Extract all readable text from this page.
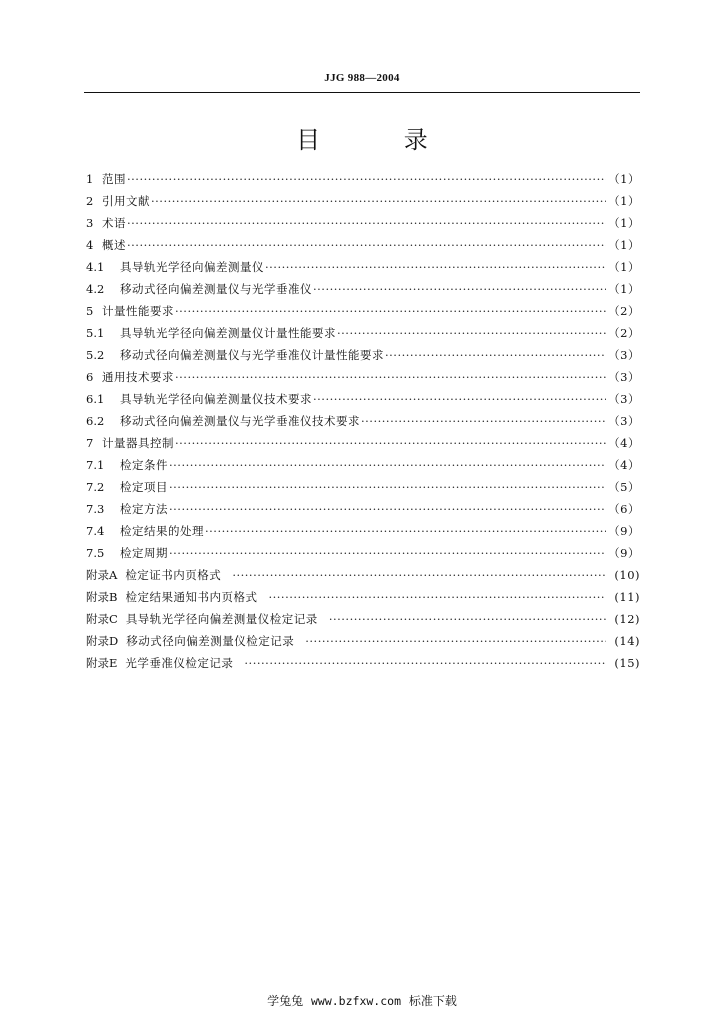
JJG 988—2004
目 录
1 范围 ·····	（1）
2 引用文献 ·····	（1）
3 术语 ·····	（1）
4 概述 ·····	（1）
4.1	具导轨光学径向偏差测量仪 ·····	（1）
4.2	移动式径向偏差测量仪与光学垂准仪 ·····	（1）
5 计量性能要求 ·····	（2）
5.1	具导轨光学径向偏差测量仪计量性能要求 ·····	（2）
5.2	移动式径向偏差测量仪与光学垂准仪计量性能要求 ·····	（3）
6 通用技术要求 ·····	（3）
6.1	具导轨光学径向偏差测量仪技术要求 ·····	（3）
6.2	移动式径向偏差测量仪与光学垂准仪技术要求 ·····	（3）
7 计量器具控制 ·····	（4）
7.1	检定条件 ·····	（4）
7.2	检定项目 ·····	（5）
7.3	检定方法 ·····	（6）
7.4	检定结果的处理 ·····	（9）
7.5	检定周期 ·····	（9）
附录A 检定证书内页格式 ·····	(10)
附录B 检定结果通知书内页格式 ·····	(11)
附录C 具导轨光学径向偏差测量仪检定记录 ·····	(12)
附录D 移动式径向偏差测量仪检定记录 ·····	(14)
附录E 光学垂准仪检定记录 ·····	(15)
学兔兔 www.bzfxw.com 标准下载
